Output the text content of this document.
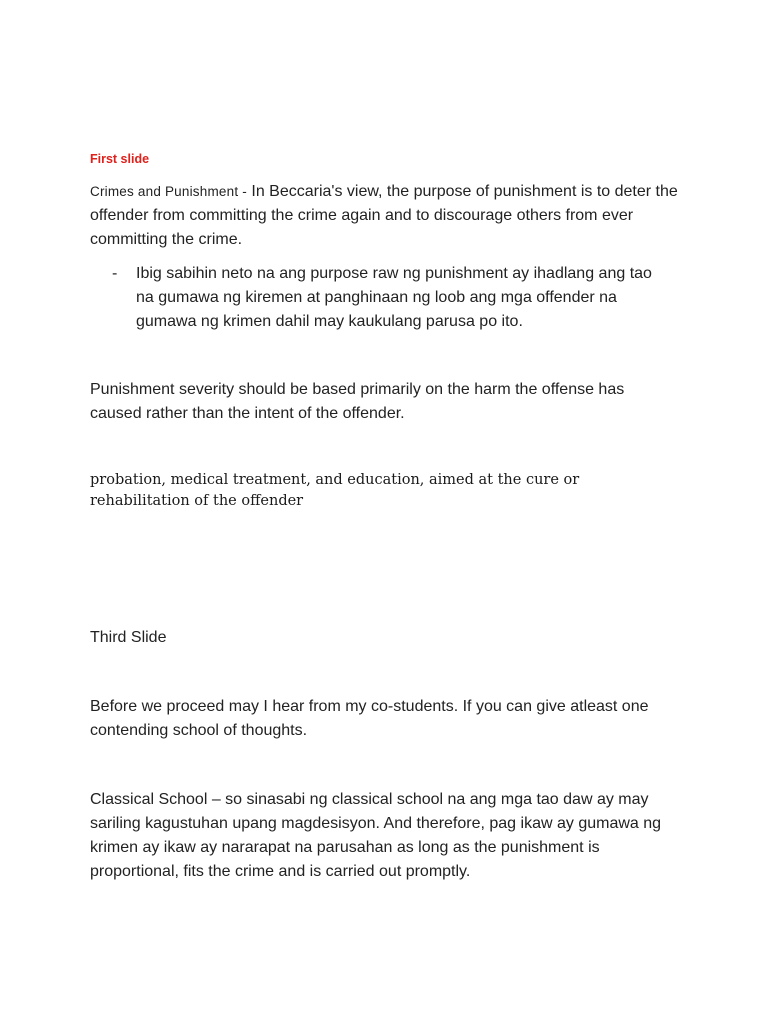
First slide

Crimes and Punishment - In Beccaria's view, the purpose of punishment is to deter the offender from committing the crime again and to discourage others from ever committing the crime.

-	Ibig sabihin neto na ang purpose raw ng punishment ay ihadlang ang tao na gumawa ng kiremen at panghinaan ng loob ang mga offender na gumawa ng krimen dahil may kaukulang parusa po ito.

Punishment severity should be based primarily on the harm the offense has caused rather than the intent of the offender.

probation, medical treatment, and education, aimed at the cure or rehabilitation of the offender

Third Slide

Before we proceed may I hear from my co-students. If you can give atleast one contending school of thoughts.

Classical School – so sinasabi ng classical school na ang mga tao daw ay may sariling kagustuhan upang magdesisyon. And therefore, pag ikaw ay gumawa ng krimen ay ikaw ay nararapat na parusahan as long as the punishment is proportional, fits the crime and is carried out promptly.
